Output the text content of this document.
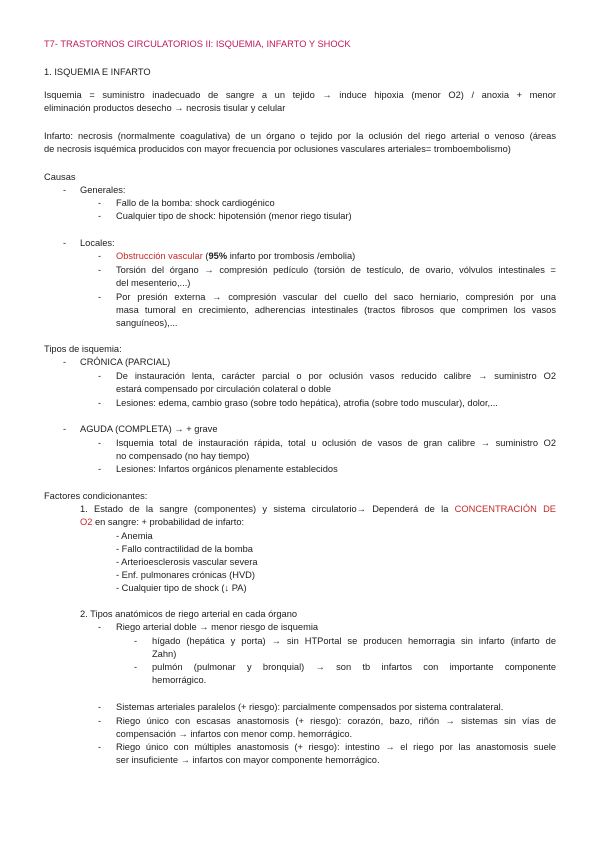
T7- TRASTORNOS CIRCULATORIOS II: ISQUEMIA, INFARTO Y SHOCK
1. ISQUEMIA E INFARTO
Isquemia = suministro inadecuado de sangre a un tejido → induce hipoxia (menor O2) / anoxia + menor
eliminación productos desecho → necrosis tisular y celular
Infarto: necrosis (normalmente coagulativa) de un órgano o tejido por la oclusión del riego arterial o venoso (áreas
de necrosis isquémica producidos con mayor frecuencia por oclusiones vasculares arteriales= tromboembolismo)
Causas
- Generales:
- Fallo de la bomba: shock cardiogénico
- Cualquier tipo de shock: hipotensión (menor riego tisular)
- Locales:
- Obstrucción vascular (95% infarto por trombosis /embolia)
- Torsión del órgano → compresión pedículo (torsión de testículo, de ovario, vólvulos intestinales =
del mesenterio,...)
- Por presión externa → compresión vascular del cuello del saco herniario, compresión por una
masa tumoral en crecimiento, adherencias intestinales (tractos fibrosos que comprimen los vasos
sanguíneos),...
Tipos de isquemia:
- CRÓNICA (PARCIAL)
- De instauración lenta, carácter parcial o por oclusión vasos reducido calibre → suministro O2
estará compensado por circulación colateral o doble
- Lesiones: edema, cambio graso (sobre todo hepática), atrofia (sobre todo muscular), dolor,...
- AGUDA (COMPLETA) → + grave
- Isquemia total de instauración rápida, total u oclusión de vasos de gran calibre → suministro O2
no compensado (no hay tiempo)
- Lesiones: Infartos orgánicos plenamente establecidos
Factores condicionantes:
1. Estado de la sangre (componentes) y sistema circulatorio→ Dependerá de la CONCENTRACIÓN DE
O2 en sangre: + probabilidad de infarto:
- Anemia
- Fallo contractilidad de la bomba
- Arterioesclerosis vascular severa
- Enf. pulmonares crónicas (HVD)
- Cualquier tipo de shock (↓ PA)
2. Tipos anatómicos de riego arterial en cada órgano
- Riego arterial doble → menor riesgo de isquemia
- hígado (hepática y porta) → sin HTPortal se producen hemorragia sin infarto (infarto de
Zahn)
- pulmón (pulmonar y bronquial) → son tb infartos con importante componente
hemorrágico.
- Sistemas arteriales paralelos (+ riesgo): parcialmente compensados por sistema contralateral.
- Riego único con escasas anastomosis (+ riesgo): corazón, bazo, riñón → sistemas sin vías de
compensación → infartos con menor comp. hemorrágico.
- Riego único con múltiples anastomosis (+ riesgo): intestino → el riego por las anastomosis suele
ser insuficiente → infartos con mayor componente hemorrágico.
